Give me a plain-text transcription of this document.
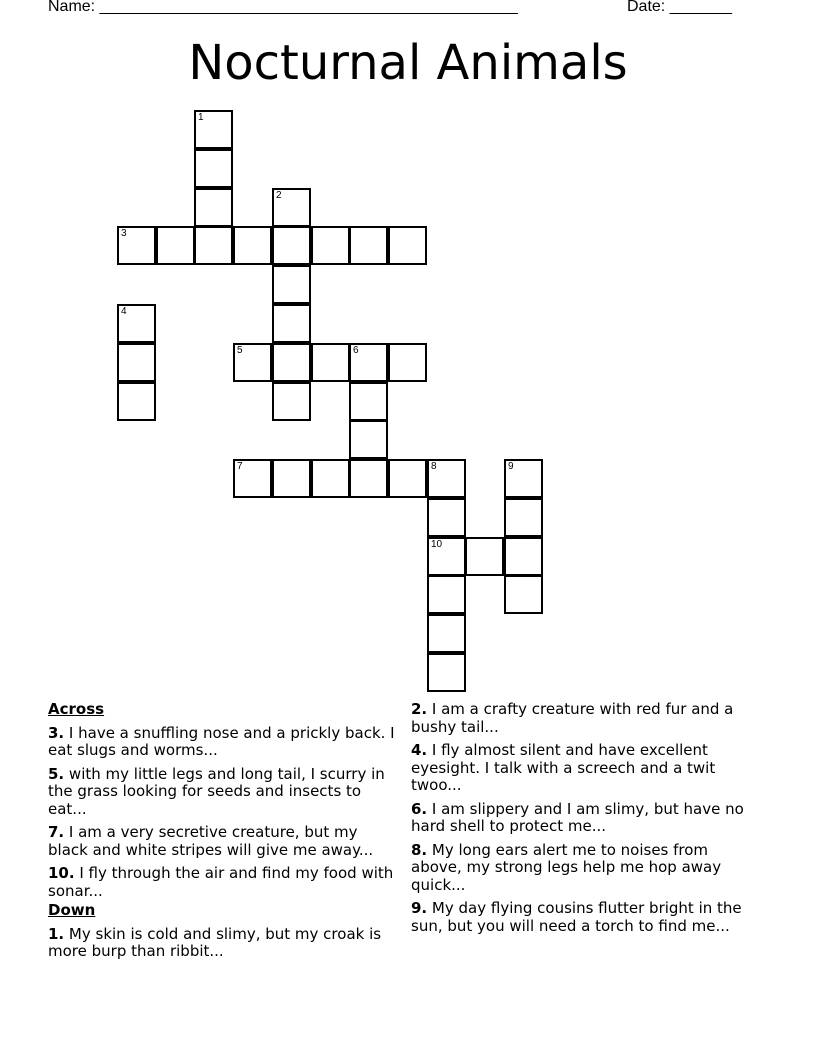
Name: _______________________________________________	Date: _______
Nocturnal Animals
1
2
3
4
5	6
7	8	9
10
Across
3. I have a snuffling nose and a prickly back. I eat slugs and worms...
5. with my little legs and long tail, I scurry in the grass looking for seeds and insects to eat...
7. I am a very secretive creature, but my black and white stripes will give me away...
10. I fly through the air and find my food with sonar...
Down
1. My skin is cold and slimy, but my croak is more burp than ribbit...
2. I am a crafty creature with red fur and a bushy tail...
4. I fly almost silent and have excellent eyesight. I talk with a screech and a twit twoo...
6. I am slippery and I am slimy, but have no hard shell to protect me...
8. My long ears alert me to noises from above, my strong legs help me hop away quick...
9. My day flying cousins flutter bright in the sun, but you will need a torch to find me...
